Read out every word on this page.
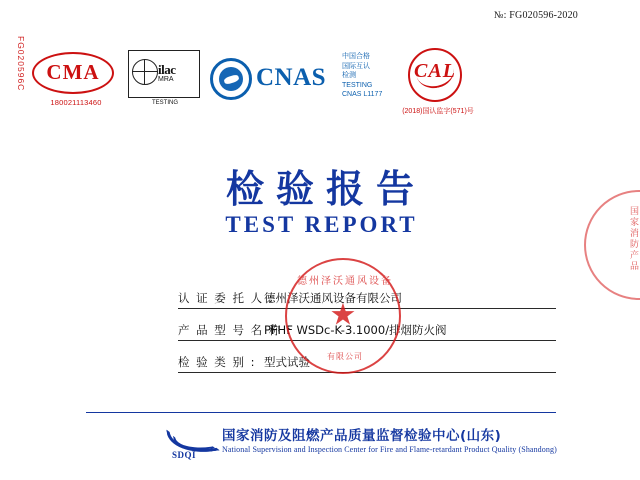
№: FG020596-2020
FG020596C CMA
180021113460
ilac
MRA
TESTING
CNAS
中国合格
国际互认
检测
TESTING
CNAS L1177
CAL
(2018)国认监字(571)号
检验报告
TEST REPORT	国家消防产品
认 证 委 托 人 :
德州泽沃通风设备有限公司
产 品 型 号 名 称 :
PFHF WSDc-K-3.1000/排烟防火阀
检 验 类 别 : 型式试验
德州泽沃通风设备
★
有限公司
SDQI
国家消防及阻燃产品质量监督检验中心(山东)
National Supervision and Inspection Center for Fire and Flame-retardant Product Quality (Shandong)
